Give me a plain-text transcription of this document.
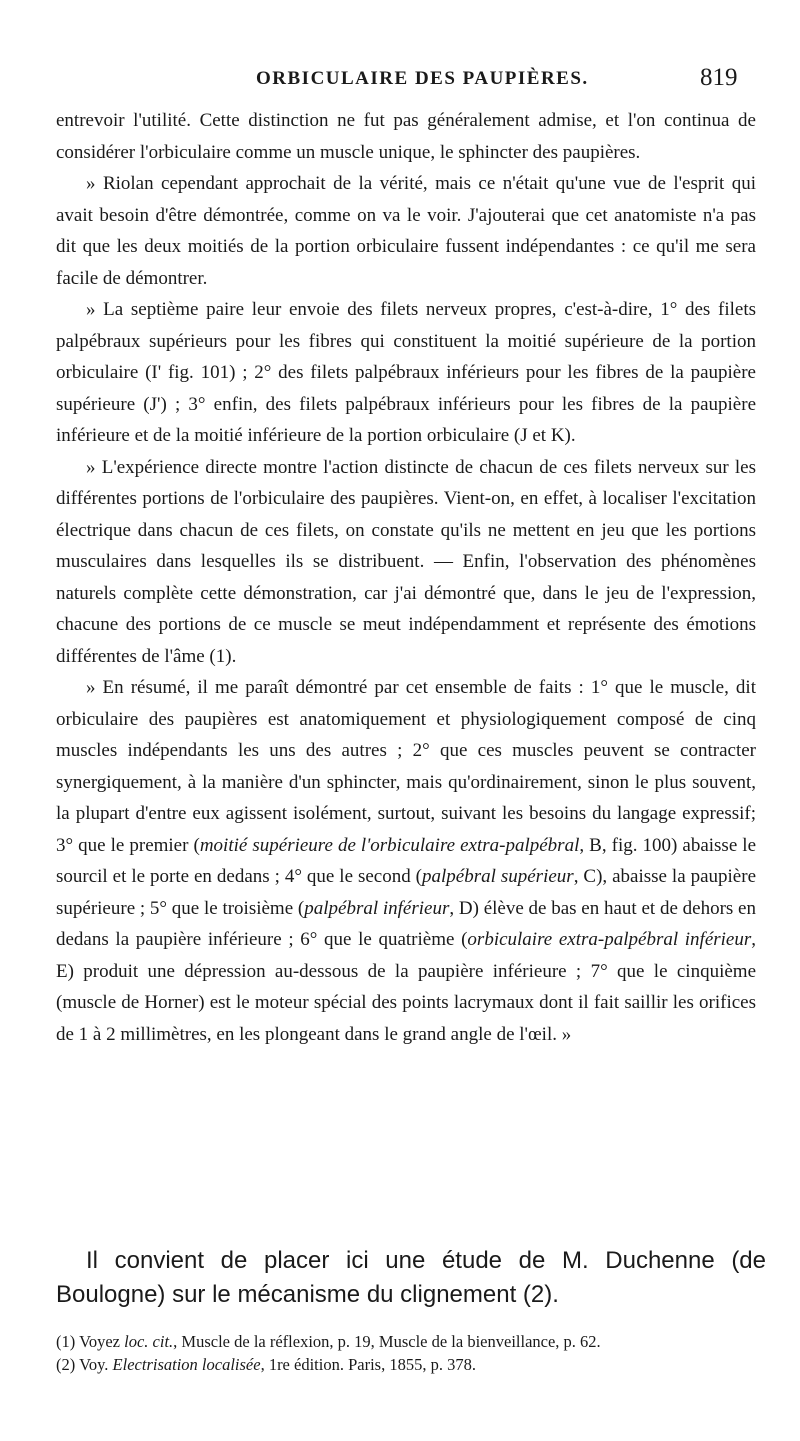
ORBICULAIRE DES PAUPIÈRES.	819

entrevoir l'utilité. Cette distinction ne fut pas généralement admise, et l'on continua de considérer l'orbiculaire comme un muscle unique, le sphincter des paupières.

» Riolan cependant approchait de la vérité, mais ce n'était qu'une vue de l'esprit qui avait besoin d'être démontrée, comme on va le voir. J'ajouterai que cet anatomiste n'a pas dit que les deux moitiés de la portion orbiculaire fussent indépendantes : ce qu'il me sera facile de démontrer.

» La septième paire leur envoie des filets nerveux propres, c'est-à-dire, 1° des filets palpébraux supérieurs pour les fibres qui constituent la moitié supérieure de la portion orbiculaire (I' fig. 101) ; 2° des filets palpébraux inférieurs pour les fibres de la paupière supérieure (J') ; 3° enfin, des filets palpébraux inférieurs pour les fibres de la paupière inférieure et de la moitié inférieure de la portion orbiculaire (J et K).

» L'expérience directe montre l'action distincte de chacun de ces filets nerveux sur les différentes portions de l'orbiculaire des paupières. Vient-on, en effet, à localiser l'excitation électrique dans chacun de ces filets, on constate qu'ils ne mettent en jeu que les portions musculaires dans lesquelles ils se distribuent. — Enfin, l'observation des phénomènes naturels complète cette démonstration, car j'ai démontré que, dans le jeu de l'expression, chacune des portions de ce muscle se meut indépendamment et représente des émotions différentes de l'âme (1).

» En résumé, il me paraît démontré par cet ensemble de faits : 1° que le muscle, dit orbiculaire des paupières est anatomiquement et physiologiquement composé de cinq muscles indépendants les uns des autres ; 2° que ces muscles peuvent se contracter synergiquement, à la manière d'un sphincter, mais qu'ordinairement, sinon le plus souvent, la plupart d'entre eux agissent isolément, surtout, suivant les besoins du langage expressif; 3° que le premier (moitié supérieure de l'orbiculaire extra-palpébral, B, fig. 100) abaisse le sourcil et le porte en dedans ; 4° que le second (palpébral supérieur, C), abaisse la paupière supérieure ; 5° que le troisième (palpébral inférieur, D) élève de bas en haut et de dehors en dedans la paupière inférieure ; 6° que le quatrième (orbiculaire extra-palpébral inférieur, E) produit une dépression au-dessous de la paupière inférieure ; 7° que le cinquième (muscle de Horner) est le moteur spécial des points lacrymaux dont il fait saillir les orifices de 1 à 2 millimètres, en les plongeant dans le grand angle de l'œil. »

Il convient de placer ici une étude de M. Duchenne (de Boulogne) sur le mécanisme du clignement (2).

(1) Voyez loc. cit., Muscle de la réflexion, p. 19, Muscle de la bienveillance, p. 62.

(2) Voy. Electrisation localisée, 1re édition. Paris, 1855, p. 378.
